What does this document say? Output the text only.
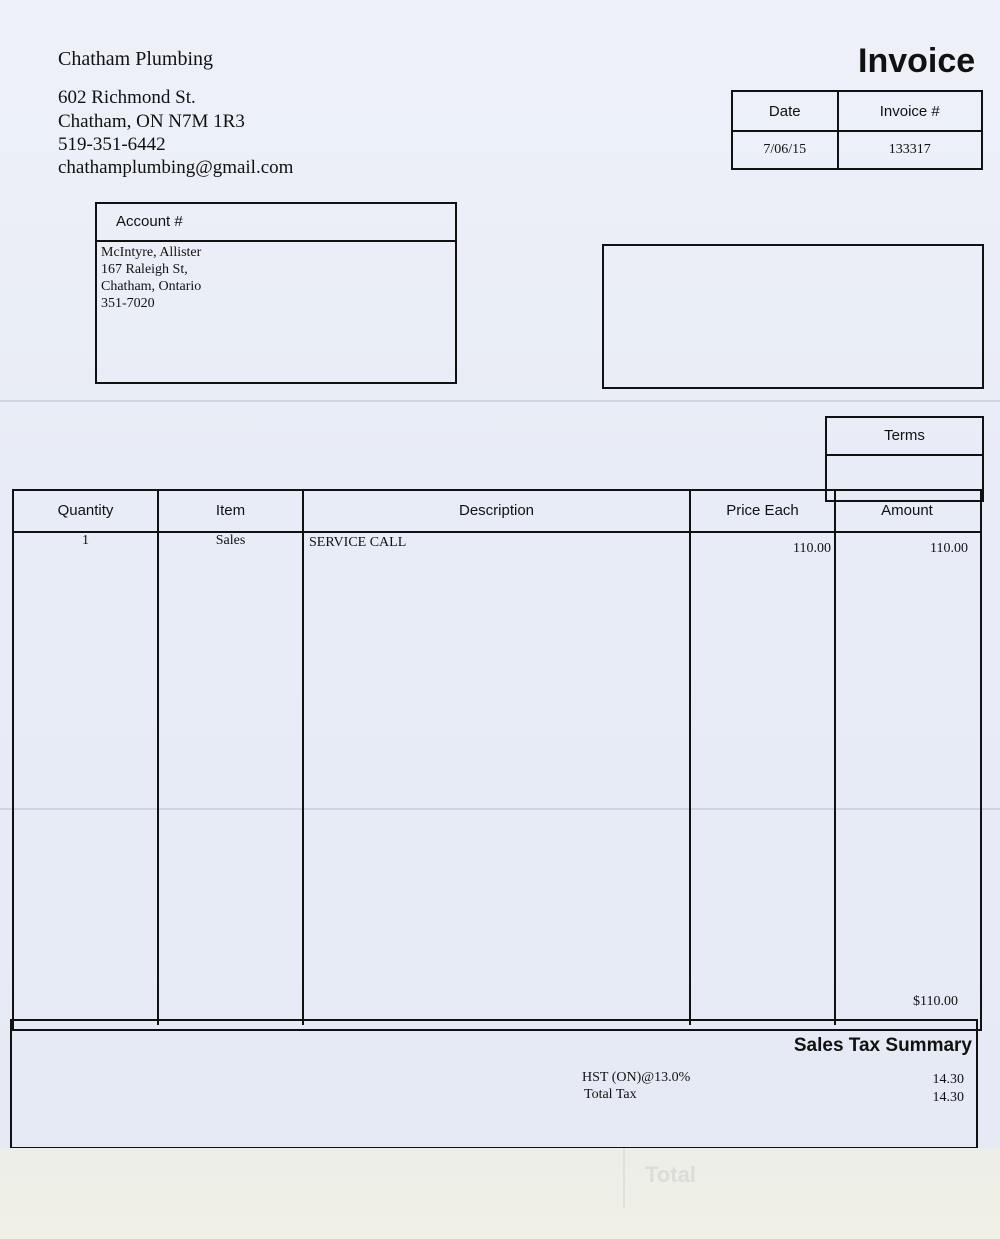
Chatham Plumbing
602 Richmond St.
Chatham, ON N7M 1R3
519-351-6442
chathamplumbing@gmail.com
Invoice
Date	Invoice #
7/06/15	133317
Account #
McIntyre, Allister
167 Raleigh St,
Chatham, Ontario
351-7020
Terms
Quantity	Item	Description	Price Each	Amount
1	Sales	SERVICE CALL	110.00	110.00
$110.00
Sales Tax Summary
HST (ON)@13.0%	14.30
Total Tax	14.30
Total
